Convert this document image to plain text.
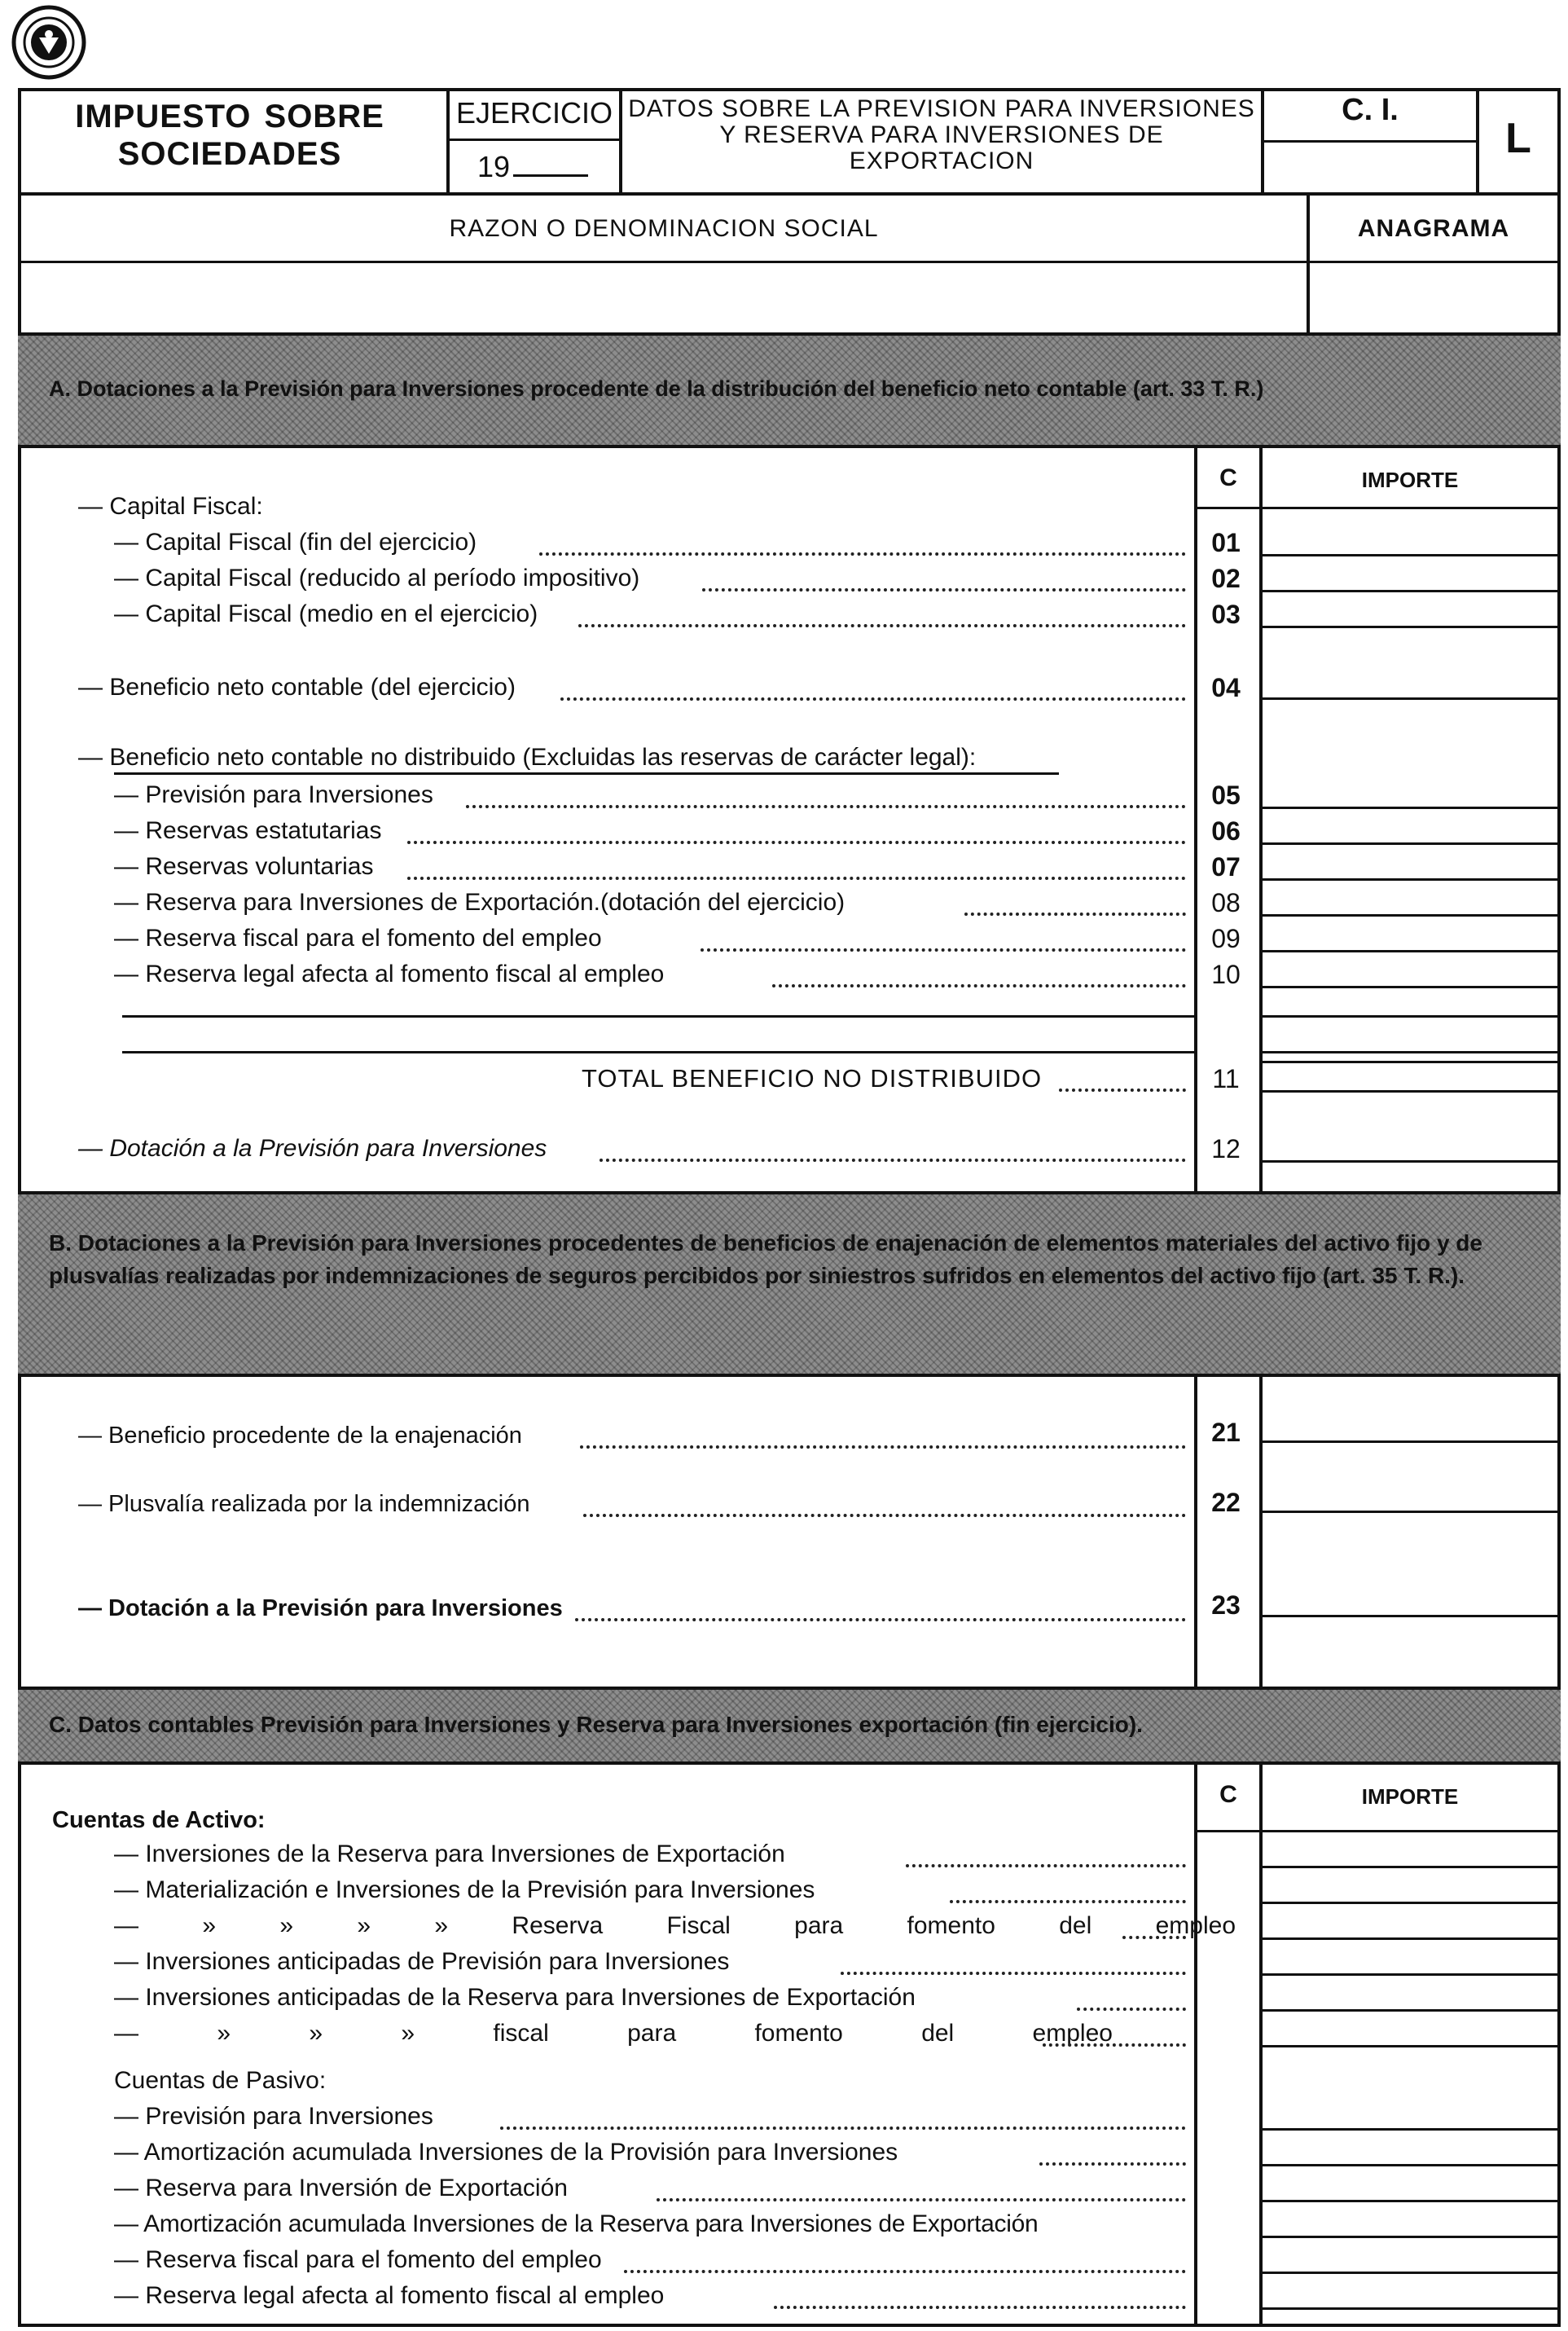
IMPUESTO SOBRE SOCIEDADES
EJERCICIO
19
DATOS SOBRE LA PREVISION PARA INVERSIONES Y RESERVA PARA INVERSIONES DE EXPORTACION
C. I.
L
RAZON O DENOMINACION SOCIAL	ANAGRAMA
A. Dotaciones a la Previsión para Inversiones procedente de la distribución del beneficio neto contable (art. 33 T. R.)
C	IMPORTE
— Capital Fiscal:
— Capital Fiscal (fin del ejercicio)	01
— Capital Fiscal (reducido al período impositivo)	02
— Capital Fiscal (medio en el ejercicio)	03
— Beneficio neto contable (del ejercicio)	04
— Beneficio neto contable no distribuido (Excluidas las reservas de carácter legal):
— Previsión para Inversiones	05
— Reservas estatutarias	06
— Reservas voluntarias	07
— Reserva para Inversiones de Exportación.(dotación del ejercicio)	08
— Reserva fiscal para el fomento del empleo	09
— Reserva legal afecta al fomento fiscal al empleo	10
TOTAL BENEFICIO NO DISTRIBUIDO	11
— Dotación a la Previsión para Inversiones	12
B. Dotaciones a la Previsión para Inversiones procedentes de beneficios de enajenación de elementos materiales del activo fijo y de plusvalías realizadas por indemnizaciones de seguros percibidos por siniestros sufridos en elementos del activo fijo (art. 35 T. R.).
— Beneficio procedente de la enajenación	21
— Plusvalía realizada por la indemnización	22
— Dotación a la Previsión para Inversiones	23
C. Datos contables Previsión para Inversiones y Reserva para Inversiones exportación (fin ejercicio).
C	IMPORTE
Cuentas de Activo:
— Inversiones de la Reserva para Inversiones de Exportación
— Materialización e Inversiones de la Previsión para Inversiones
— » » » » Reserva Fiscal para fomento del empleo
— Inversiones anticipadas de Previsión para Inversiones
— Inversiones anticipadas de la Reserva para Inversiones de Exportación
— » » » fiscal para fomento del empleo
Cuentas de Pasivo:
— Previsión para Inversiones
— Amortización acumulada Inversiones de la Provisión para Inversiones
— Reserva para Inversión de Exportación
— Amortización acumulada Inversiones de la Reserva para Inversiones de Exportación
— Reserva fiscal para el fomento del empleo
— Reserva legal afecta al fomento fiscal al empleo
